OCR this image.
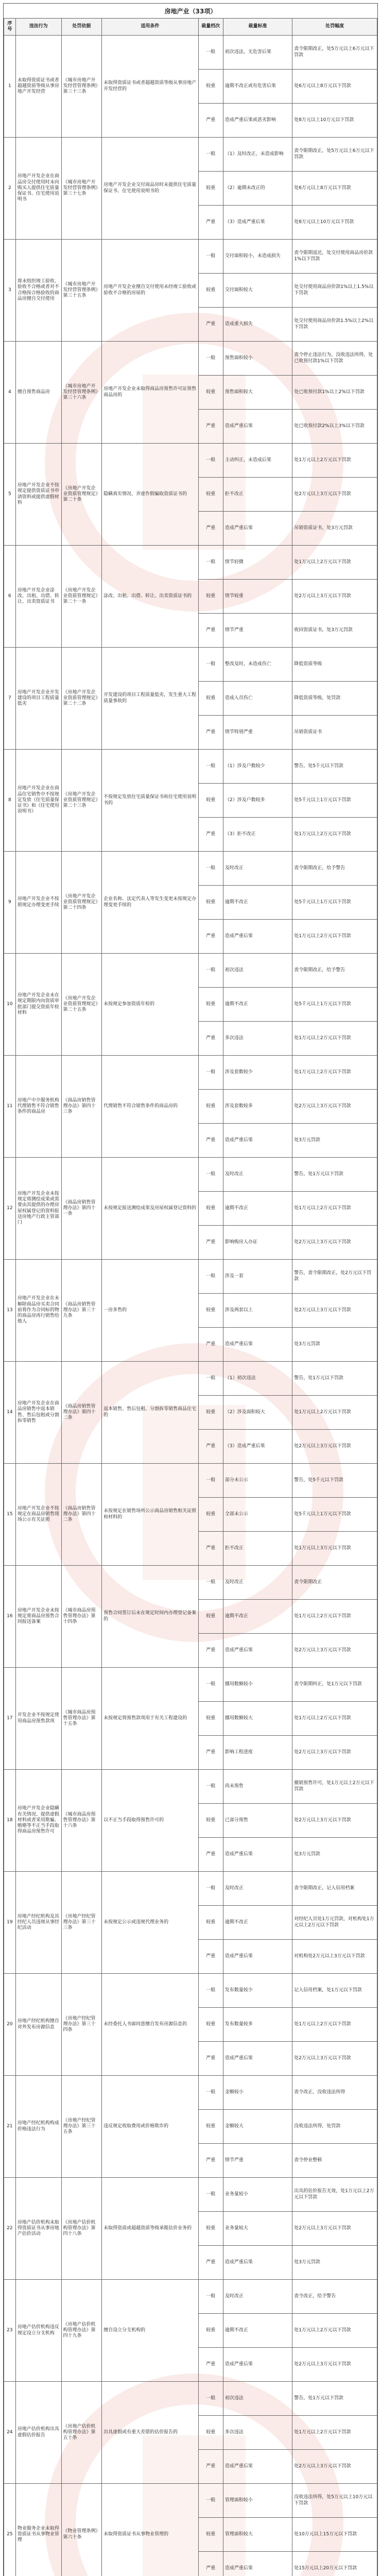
房地产业（33项）
序号	违法行为	处罚依据	适用条件	裁量档次	裁量标准	处罚幅度
1	未取得资质证书或者超越资质等级从事房地产开发经营	《城市房地产开发经营管理条例》第三十三条	未取得资质证书或者超越资质等级从事房地产开发经营的	一般	初次违法，无危害后果	责令限期改正，处5万元以上6万元以下罚款
				较重	逾期不改正或有危害后果	处6万元以上8万元以下罚款
				严重	造成严重后果或恶劣影响	处8万元以上10万元以下罚款
2	房地产开发企业在商品房交付使用时未向购买人提供住宅质量保证书、住宅使用说明书	《城市房地产开发经营管理条例》第三十七条	房地产开发企业交付商品房时未提供住宅质量保证书、住宅使用说明书的	一般	（1）及时改正，未造成影响	责令限期改正，处5万元以上6万元以下罚款
				较重	（2）逾期未改正的	处6万元以上8万元以下罚款
				严重	（3）造成严重后果	处8万元以上10万元以下罚款
3	将未组织竣工验收、验收不合格或者对不合格按合格验收的商品房擅自交付使用	《城市房地产开发经营管理条例》第三十五条	房地产开发企业擅自交付使用未经竣工验收或验收不合格的房屋的	一般	交付面积较小，未造成损失	责令限期返还，处交付使用商品房价款1%以下罚款
				较重	交付面积较大	处交付使用商品房价款1%以上1.5%以下罚款
				严重	造成重大损失	处交付使用商品房价款1.5%以上2%以下罚款
4	擅自预售商品房	《城市房地产开发经营管理条例》第三十六条	房地产开发企业未取得商品房预售许可证预售商品房的	一般	预售面积较小	责令停止违法行为，没收违法所得，处已收预付款1%以下罚款
				较重	预售面积较大	处已收预付款1%以上2%以下罚款
				严重	造成严重后果	处已收预付款2%以上3%以下罚款
5	房地产开发企业不按规定提供资质证书申请资料或提供虚假材料	《房地产开发企业资质管理规定》第二十条	隐瞒真实情况、弄虚作假骗取资质证书的	一般	主动纠正，未造成后果	处1万元以上2万元以下罚款
				较重	拒不改正	处2万元以上3万元以下罚款
				严重	造成严重后果	吊销资质证书，处3万元罚款
6	房地产开发企业涂改、出租、出借、转让、出卖资质证书	《房地产开发企业资质管理规定》第二十一条	涂改、出租、出借、转让、出卖资质证书的	一般	情节轻微	处1万元以上2万元以下罚款
				较重	情节较重	处2万元以上3万元以下罚款
				严重	情节严重	收回资质证书，处3万元罚款
7	房地产开发企业开发建设的项目工程质量低劣	《房地产开发企业资质管理规定》第二十二条	开发建设的项目工程质量低劣，发生重大工程质量事故的	一般	整改及时，未造成伤亡	降低资质等级
				较重	造成人员伤亡	降低资质等级，处罚款
				严重	情节特别严重	吊销资质证书
8	房地产开发企业在商品住宅销售中不按规定发放《住宅质量保证书》和《住宅使用说明书》	《房地产开发企业资质管理规定》第二十三条	不按规定发放住宅质量保证书和住宅使用说明书的	一般	（1）涉及户数较少	警告，处5千元以下罚款
				较重	（2）涉及户数较多	处5千元以上1万元以下罚款
				严重	（3）拒不改正	处1万元以上2万元以下罚款
9	房地产开发企业不按照规定办理变更手续	《房地产开发企业资质管理规定》第二十四条	企业名称、法定代表人等发生变更未按规定办理变更手续的	一般	及时改正	责令限期改正，给予警告
				较重	逾期不改正	处5千元以上1万元以下罚款
				严重	造成严重后果	处1万元以上2万元以下罚款
10	房地产开发企业未在规定期限内向资质审批部门提交资质年检材料	《房地产开发企业资质管理规定》第二十五条	未按规定参加资质年检的	一般	初次违法	责令限期改正，给予警告
				较重	逾期不改正	处5千元以上1万元以下罚款
				严重	多次违法	处1万元以上2万元以下罚款
11	房地产中介服务机构代理销售不符合销售条件的商品房	《商品房销售管理办法》第四十三条	代理销售不符合销售条件的商品房的	一般	涉及套数较少	处1万元以上2万元以下罚款
				较重	涉及套数较多	处2万元以上3万元以下罚款
				严重	造成严重后果	处3万元罚款
12	房地产开发企业未按规定将测绘成果或需要由其提供的办理房屋权属登记的资料报送房地产行政主管部门	《商品房销售管理办法》第四十一条	未按规定报送测绘成果及房屋权属登记资料的	一般	及时改正	警告，处1万元以下罚款
				较重	逾期不改正	处1万元以上2万元以下罚款
				严重	影响购房人办证	处2万元以上3万元以下罚款
13	房地产开发企业在未解除商品房买卖合同前将作为合同标的物的商品房再行销售给他人	《商品房销售管理办法》第三十九条	一房多售的	一般	涉及一套	警告，责令限期改正，处2万元以下罚款
				较重	涉及两套以上	处2万元以上3万元以下罚款
				严重	造成严重后果	处3万元罚款
14	房地产开发企业在商品房销售中返本销售、售后包租或分割拆零销售	《商品房销售管理办法》第四十二条	返本销售、售后包租、分割拆零销售商品住宅的	一般	（1）初次违法	警告，处1万元以下罚款
				较重	（2）涉及面积较大	处1万元以上2万元以下罚款
				严重	（3）造成严重后果	处2万元以上3万元以下罚款
15	房地产开发企业不按规定在商品房销售现场公示有关证照	《商品房销售管理办法》第四十二条	未按规定在销售场所公示商品房销售相关证照和材料的	一般	部分未公示	警告，处5千元以下罚款
				较重	全部未公示	处5千元以上1万元以下罚款
				严重	拒不改正	处1万元以上3万元以下罚款
16	房地产开发企业未按规定将商品房预售合同报送备案	《城市商品房预售管理办法》第十四条	预售合同签订后未在规定时间内办理登记备案的	一般	及时改正	责令限期改正
				较重	逾期不改正	处1万元以上2万元以下罚款
				严重	造成严重后果	处2万元以上3万元以下罚款
17	开发企业不按规定使用商品房预售款项	《城市商品房预售管理办法》第十五条	未按规定将预售款项用于有关工程建设的	一般	挪用数额较小	责令限期纠正，处1万元以下罚款
				较重	挪用数额较大	处1万元以上2万元以下罚款
				严重	影响工程进度	处2万元以上3万元以下罚款
18	房地产开发企业隐瞒有关情况、提供虚假材料或者采用欺骗、贿赂等不正当手段取得商品房预售许可	《城市商品房预售管理办法》第十六条	以不正当手段取得预售许可的	一般	尚未预售	撤销预售许可，处1万元以上2万元以下罚款
				较重	已部分预售	处2万元以上3万元以下罚款
				严重	造成严重后果	处3万元罚款
19	房地产经纪机构及其经纪人员违规从事经纪活动	《房地产经纪管理办法》第三十三条	未按规定公示或违规代理业务的	一般	及时改正	责令限期改正，记入信用档案
				较重	逾期不改正	对经纪人员处1万元罚款，对机构处1万元以上2万元以下罚款
				严重	造成严重后果	对机构处2万元以上3万元以下罚款
20	房地产经纪机构擅自对外发布房源信息	《房地产经纪管理办法》第三十四条	未经委托人书面同意擅自发布房源信息的	一般	发布数量较少	记入信用档案，处1万元以下罚款
				较重	发布数量较多	处1万元以上2万元以下罚款
				严重	造成严重后果	处2万元以上3万元以下罚款
21	房地产经纪机构构成价格违法行为	《房地产经纪管理办法》第三十五条	违反规定收取费用或价格欺诈的	一般	金额较小	责令改正，没收违法所得
				较重	金额较大	没收违法所得，处罚款
				严重	情节严重	责令停业整顿
22	房地产估价机构未取得资质证书从事房地产估价活动	《房地产估价机构管理办法》第四十八条	未取得资质或超越资质等级承揽估价业务的	一般	业务量较小	出具的估价报告无效，处1万元以上2万元以下罚款
				较重	业务量较大	处2万元以上3万元以下罚款
				严重	造成严重后果	处3万元罚款
23	房地产估价机构违反规定设立分支机构	《房地产估价机构管理办法》第四十九条	擅自设立分支机构的	一般	及时改正	责令改正，给予警告
				较重	逾期不改正	处1万元以上2万元以下罚款
				严重	造成严重后果	处2万元以上3万元以下罚款
24	房地产估价机构出具虚假估价报告	《房地产估价机构管理办法》第五十条	出具虚假或有重大差错的估价报告的	一般	初次违法	警告，处1万元以下罚款
				较重	多次违法	处1万元以上2万元以下罚款
				严重	造成严重后果	处2万元以上3万元以下罚款
25	物业服务企业未取得资质证书从事物业管理	《物业管理条例》第六十条	未取得资质证书从事物业管理的	一般	管理面积较小	没收违法所得，处5万元以上10万元以下罚款
				较重	管理面积较大	处10万元以上15万元以下罚款
				严重	造成严重后果	处15万元以上20万元以下罚款
